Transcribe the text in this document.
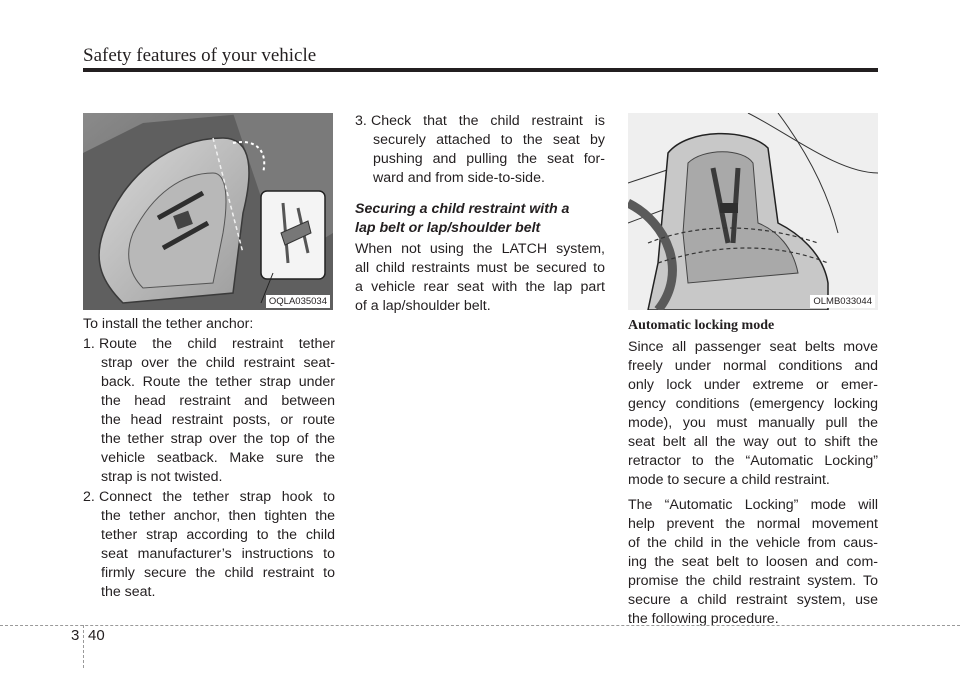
Safety features of your vehicle
OQLA035034	OLMB033044

To install the tether anchor:

1. Route the child restraint tether
strap over the child restraint seat-
back. Route the tether strap under
the head restraint and between
the head restraint posts, or route
the tether strap over the top of the
vehicle seatback. Make sure the
strap is not twisted.
2. Connect the tether strap hook to
the tether anchor, then tighten the
tether strap according to the child
seat manufacturer’s instructions to
firmly secure the child restraint to
the seat.
3. Check that the child restraint is
securely attached to the seat by
pushing and pulling the seat for-
ward and from side-to-side.
Securing a child restraint with a
lap belt or lap/shoulder belt
When not using the LATCH system,
all child restraints must be secured to
a vehicle rear seat with the lap part
of a lap/shoulder belt.
Automatic locking mode
Since all passenger seat belts move
freely under normal conditions and
only lock under extreme or emer-
gency conditions (emergency locking
mode), you must manually pull the
seat belt all the way out to shift the
retractor to the “Automatic Locking”
mode to secure a child restraint.
The “Automatic Locking” mode will
help prevent the normal movement
of the child in the vehicle from caus-
ing the seat belt to loosen and com-
promise the child restraint system. To
secure a child restraint system, use
the following procedure.
3 40
